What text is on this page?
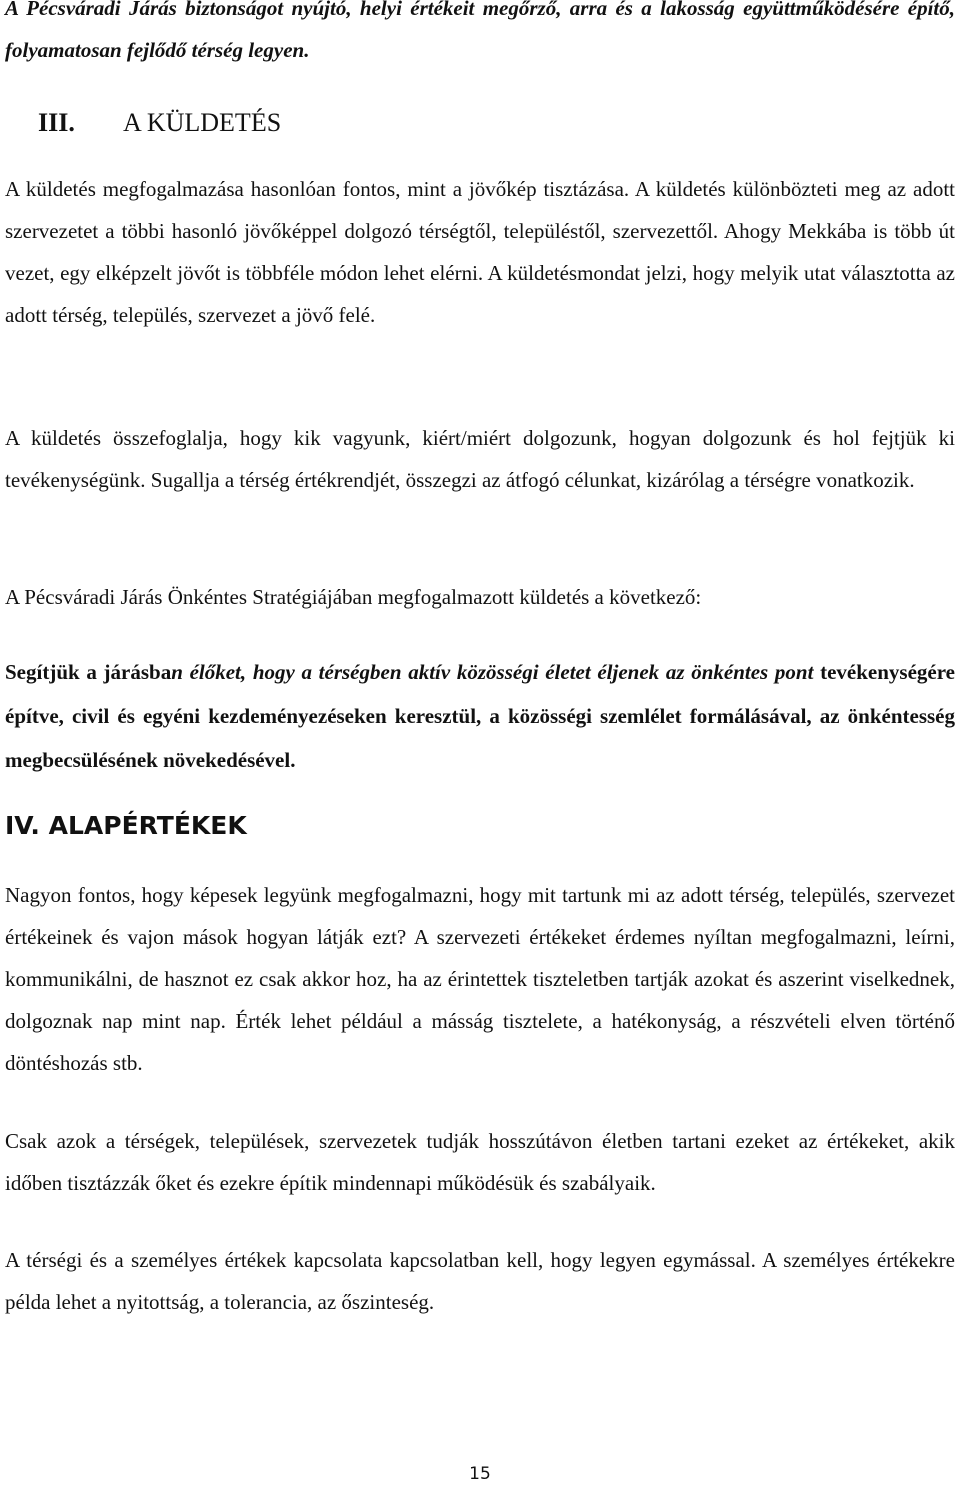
A Pécsváradi Járás biztonságot nyújtó, helyi értékeit megőrző, arra és a lakosság együttműködésére építő, folyamatosan fejlődő térség legyen.

III. A KÜLDETÉS

A küldetés megfogalmazása hasonlóan fontos, mint a jövőkép tisztázása. A küldetés különbözteti meg az adott szervezetet a többi hasonló jövőképpel dolgozó térségtől, településtől, szervezettől. Ahogy Mekkába is több út vezet, egy elképzelt jövőt is többféle módon lehet elérni. A küldetésmondat jelzi, hogy melyik utat választotta az adott térség, település, szervezet a jövő felé.

A küldetés összefoglalja, hogy kik vagyunk, kiért/miért dolgozunk, hogyan dolgozunk és hol fejtjük ki tevékenységünk. Sugallja a térség értékrendjét, összegzi az átfogó célunkat, kizárólag a térségre vonatkozik.

A Pécsváradi Járás Önkéntes Stratégiájában megfogalmazott küldetés a következő:

Segítjük a járásban élőket, hogy a térségben aktív közösségi életet éljenek az önkéntes pont tevékenységére építve, civil és egyéni kezdeményezéseken keresztül, a közösségi szemlélet formálásával, az önkéntesség megbecsülésének növekedésével.

IV. ALAPÉRTÉKEK

Nagyon fontos, hogy képesek legyünk megfogalmazni, hogy mit tartunk mi az adott térség, település, szervezet értékeinek és vajon mások hogyan látják ezt? A szervezeti értékeket érdemes nyíltan megfogalmazni, leírni, kommunikálni, de hasznot ez csak akkor hoz, ha az érintettek tiszteletben tartják azokat és aszerint viselkednek, dolgoznak nap mint nap. Érték lehet például a másság tisztelete, a hatékonyság, a részvételi elven történő döntéshozás stb.

Csak azok a térségek, települések, szervezetek tudják hosszútávon életben tartani ezeket az értékeket, akik időben tisztázzák őket és ezekre építik mindennapi működésük és szabályaik.

A térségi és a személyes értékek kapcsolata kapcsolatban kell, hogy legyen egymással. A személyes értékekre példa lehet a nyitottság, a tolerancia, az őszinteség.

15
